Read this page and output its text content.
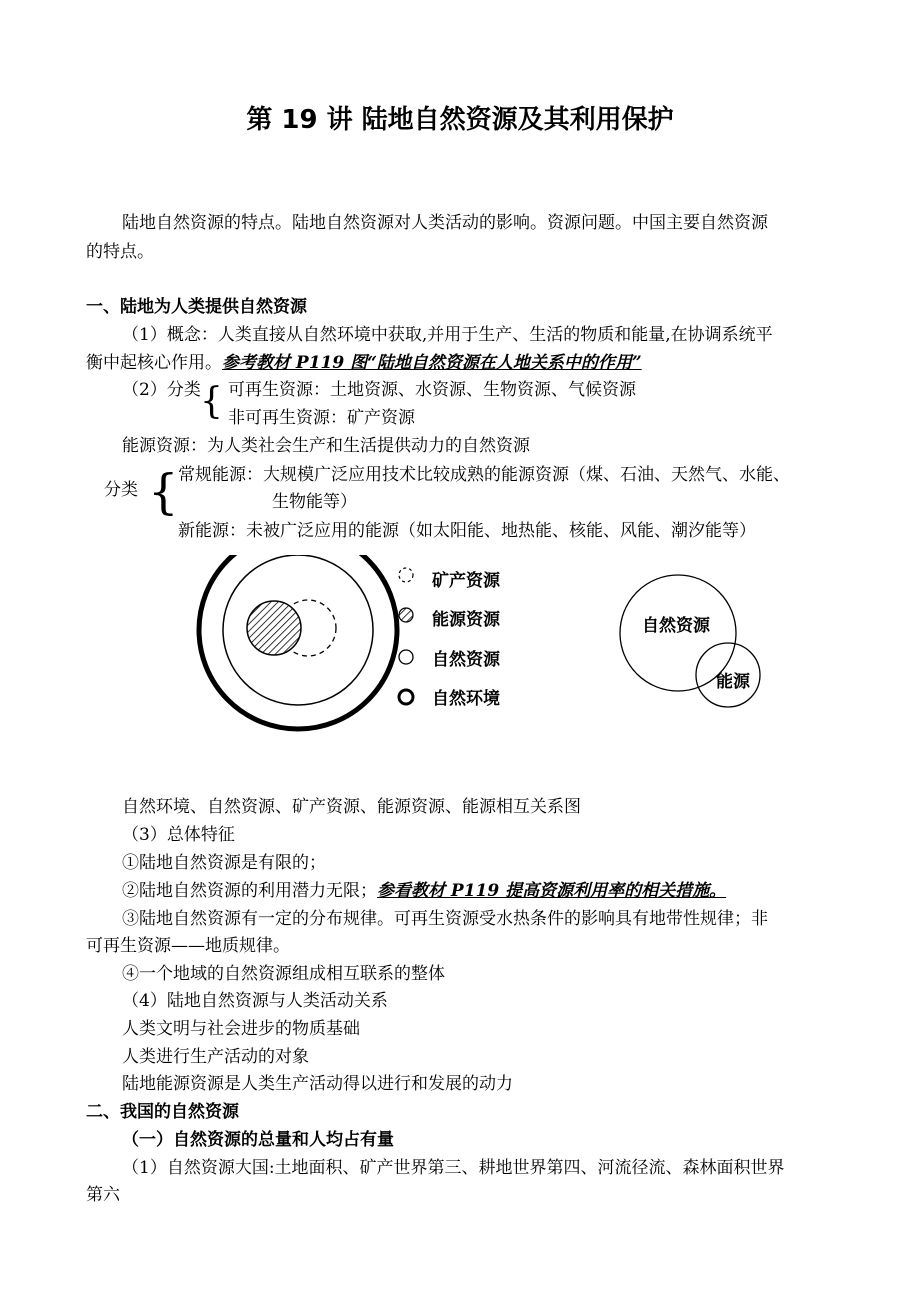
第 19 讲 陆地自然资源及其利用保护
陆地自然资源的特点。陆地自然资源对人类活动的影响。资源问题。中国主要自然资源
的特点。
一、陆地为人类提供自然资源
（1）概念：人类直接从自然环境中获取,并用于生产、生活的物质和能量,在协调系统平
衡中起核心作用。参考教材 P119 图“陆地自然资源在人地关系中的作用”
（2）分类 { 可再生资源：土地资源、水资源、生物资源、气候资源
非可再生资源：矿产资源
能源资源：为人类社会生产和生活提供动力的自然资源
分类 { 常规能源：大规模广泛应用技术比较成熟的能源资源（煤、石油、天然气、水能、
生物能等）
新能源：未被广泛应用的能源（如太阳能、地热能、核能、风能、潮汐能等）
矿产资源
能源资源
自然资源
自然环境
自然资源
能源
自然环境、自然资源、矿产资源、能源资源、能源相互关系图
（3）总体特征
①陆地自然资源是有限的；
②陆地自然资源的利用潜力无限；参看教材 P119 提高资源利用率的相关措施。
③陆地自然资源有一定的分布规律。可再生资源受水热条件的影响具有地带性规律；非
可再生资源——地质规律。
④一个地域的自然资源组成相互联系的整体
（4）陆地自然资源与人类活动关系
人类文明与社会进步的物质基础
人类进行生产活动的对象
陆地能源资源是人类生产活动得以进行和发展的动力
二、我国的自然资源
（一）自然资源的总量和人均占有量
（1）自然资源大国:土地面积、矿产世界第三、耕地世界第四、河流径流、森林面积世界
第六
